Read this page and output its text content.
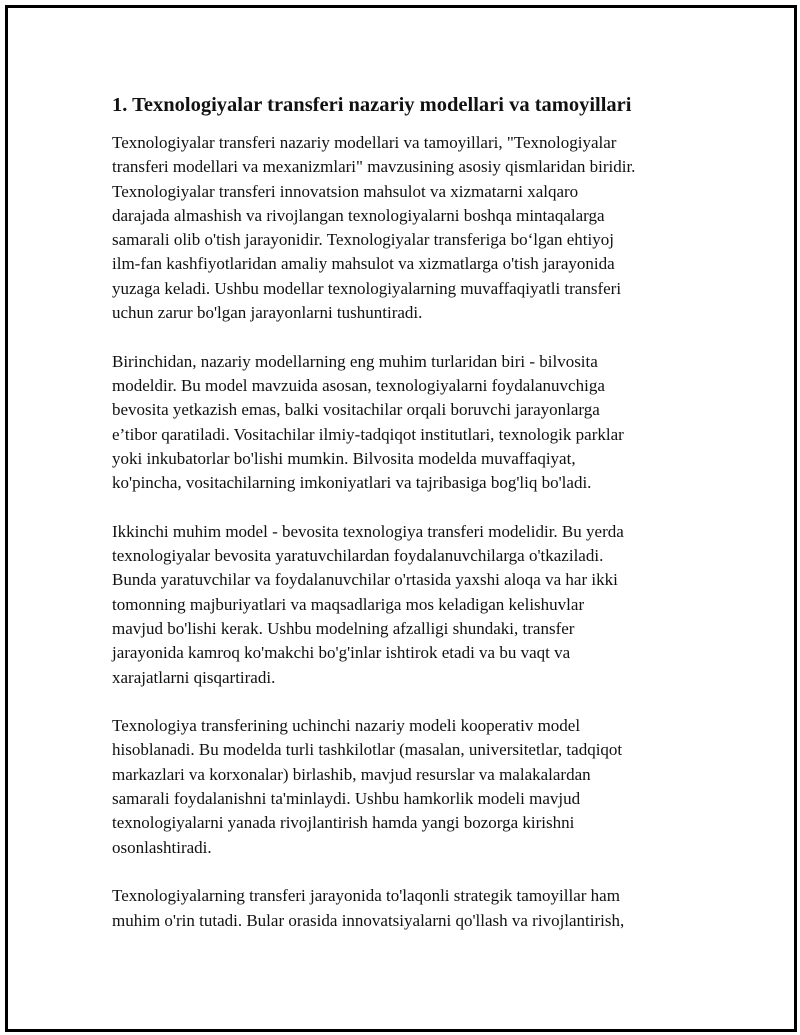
1. Texnologiyalar transferi nazariy modellari va tamoyillari

Texnologiyalar transferi nazariy modellari va tamoyillari, "Texnologiyalar
transferi modellari va mexanizmlari" mavzusining asosiy qismlaridan biridir.
Texnologiyalar transferi innovatsion mahsulot va xizmatarni xalqaro
darajada almashish va rivojlangan texnologiyalarni boshqa mintaqalarga
samarali olib o'tish jarayonidir. Texnologiyalar transferiga bo‘lgan ehtiyoj
ilm-fan kashfiyotlaridan amaliy mahsulot va xizmatlarga o'tish jarayonida
yuzaga keladi. Ushbu modellar texnologiyalarning muvaffaqiyatli transferi
uchun zarur bo'lgan jarayonlarni tushuntiradi.

Birinchidan, nazariy modellarning eng muhim turlaridan biri - bilvosita
modeldir. Bu model mavzuida asosan, texnologiyalarni foydalanuvchiga
bevosita yetkazish emas, balki vositachilar orqali boruvchi jarayonlarga
e’tibor qaratiladi. Vositachilar ilmiy-tadqiqot institutlari, texnologik parklar
yoki inkubatorlar bo'lishi mumkin. Bilvosita modelda muvaffaqiyat,
ko'pincha, vositachilarning imkoniyatlari va tajribasiga bog'liq bo'ladi.

Ikkinchi muhim model - bevosita texnologiya transferi modelidir. Bu yerda
texnologiyalar bevosita yaratuvchilardan foydalanuvchilarga o'tkaziladi.
Bunda yaratuvchilar va foydalanuvchilar o'rtasida yaxshi aloqa va har ikki
tomonning majburiyatlari va maqsadlariga mos keladigan kelishuvlar
mavjud bo'lishi kerak. Ushbu modelning afzalligi shundaki, transfer
jarayonida kamroq ko'makchi bo'g'inlar ishtirok etadi va bu vaqt va
xarajatlarni qisqartiradi.

Texnologiya transferining uchinchi nazariy modeli kooperativ model
hisoblanadi. Bu modelda turli tashkilotlar (masalan, universitetlar, tadqiqot
markazlari va korxonalar) birlashib, mavjud resurslar va malakalardan
samarali foydalanishni ta'minlaydi. Ushbu hamkorlik modeli mavjud
texnologiyalarni yanada rivojlantirish hamda yangi bozorga kirishni
osonlashtiradi.

Texnologiyalarning transferi jarayonida to'laqonli strategik tamoyillar ham
muhim o'rin tutadi. Bular orasida innovatsiyalarni qo'llash va rivojlantirish,
